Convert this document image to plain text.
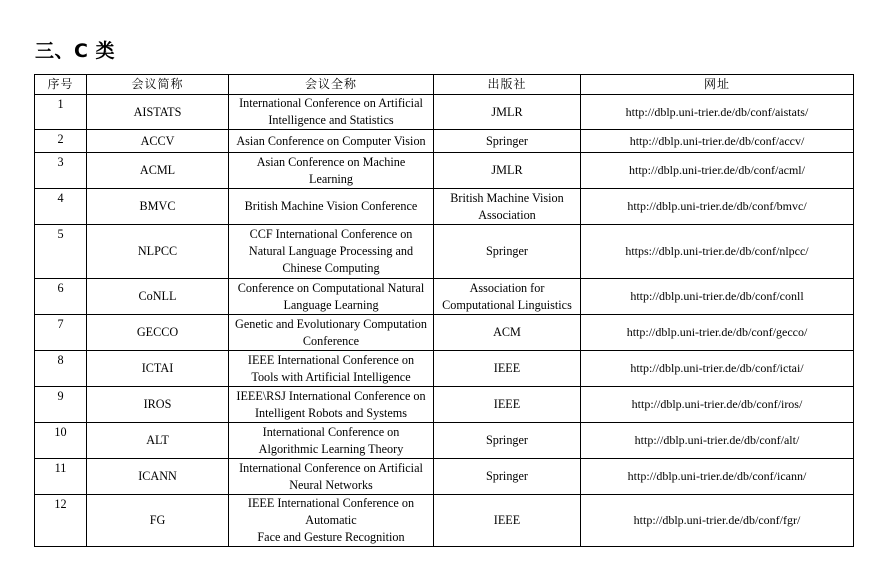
三、C 类
序号	会议简称	会议全称	出版社	网址
1	AISTATS	International Conference on Artificial
Intelligence and Statistics	JMLR	http://dblp.uni-trier.de/db/conf/aistats/
2	ACCV	Asian Conference on Computer Vision	Springer	http://dblp.uni-trier.de/db/conf/accv/
3	ACML	Asian Conference on Machine
Learning	JMLR	http://dblp.uni-trier.de/db/conf/acml/
4	BMVC	British Machine Vision Conference	British Machine Vision
Association	http://dblp.uni-trier.de/db/conf/bmvc/
5	NLPCC	CCF International Conference on
Natural Language Processing and
Chinese Computing	Springer	https://dblp.uni-trier.de/db/conf/nlpcc/
6	CoNLL	Conference on Computational Natural
Language Learning	Association for
Computational Linguistics	http://dblp.uni-trier.de/db/conf/conll
7	GECCO	Genetic and Evolutionary Computation
Conference	ACM	http://dblp.uni-trier.de/db/conf/gecco/
8	ICTAI	IEEE International Conference on
Tools with Artificial Intelligence	IEEE	http://dblp.uni-trier.de/db/conf/ictai/
9	IROS	IEEE\RSJ International Conference on
Intelligent Robots and Systems	IEEE	http://dblp.uni-trier.de/db/conf/iros/
10	ALT	International Conference on
Algorithmic Learning Theory	Springer	http://dblp.uni-trier.de/db/conf/alt/
11	ICANN	International Conference on Artificial
Neural Networks	Springer	http://dblp.uni-trier.de/db/conf/icann/
12	FG	IEEE International Conference on
Automatic
Face and Gesture Recognition	IEEE	http://dblp.uni-trier.de/db/conf/fgr/
